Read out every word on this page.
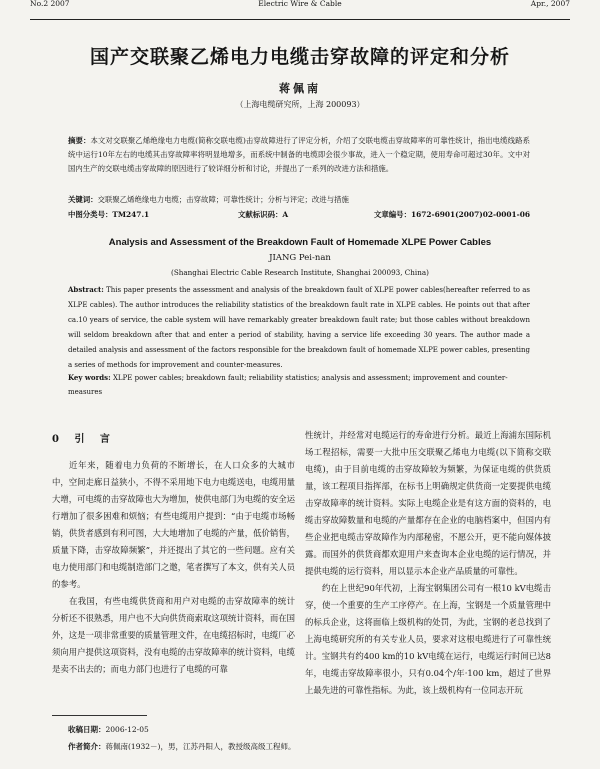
No.2 2007	Electric Wire & Cable	Apr., 2007
国产交联聚乙烯电力电缆击穿故障的评定和分析
蒋佩南
（上海电缆研究所，上海 200093）
摘要：本文对交联聚乙烯绝缘电力电缆(简称交联电缆)击穿故障进行了评定分析，介绍了交联电缆击穿故障率的可靠性统计，指出电缆线路系统中运行10年左右的电缆其击穿故障率将明显地增多，而系统中制备的电缆即会很少事故，进入一个稳定期，使用寿命可超过30年。文中对国内生产的交联电缆击穿故障的原因进行了较详细分析和讨论，并提出了一系列的改进方法和措施。
关键词：交联聚乙烯绝缘电力电缆；击穿故障；可靠性统计；分析与评定；改进与措施
中图分类号：TM247.1	文献标识码：A	文章编号：1672-6901(2007)02-0001-06
Analysis and Assessment of the Breakdown Fault of Homemade XLPE Power Cables
JIANG Pei-nan
(Shanghai Electric Cable Research Institute, Shanghai 200093, China)
Abstract: This paper presents the assessment and analysis of the breakdown fault of XLPE power cables(hereafter referred to as XLPE cables). The author introduces the reliability statistics of the breakdown fault rate in XLPE cables. He points out that after ca.10 years of service, the cable system will have remarkably greater breakdown fault rate; but those cables without breakdown will seldom breakdown after that and enter a period of stability, having a service life exceeding 30 years. The author made a detailed analysis and assessment of the factors responsible for the breakdown fault of homemade XLPE power cables, presenting a series of methods for improvement and counter-measures.
Key words: XLPE power cables; breakdown fault; reliability statistics; analysis and assessment; improvement and counter-measures
0 引 言

近年来，随着电力负荷的不断增长，在人口众多的大城市中，空间走廊日益狭小，不得不采用地下电力电缆送电，电缆用量大增，可电缆的击穿故障也大为增加，使供电部门为电缆的安全运行增加了很多困难和烦恼；有些电缆用户提到：“由于电缆市场畅销，供货者感到有利可图，大大地增加了电缆的产量，低价销售，质量下降，击穿故障频繁”，并还提出了其它的一些问题。应有关电力使用部门和电缆制造部门之邀，笔者撰写了本文，供有关人员的参考。

在我国，有些电缆供货商和用户对电缆的击穿故障率的统计分析还不很熟悉，用户也不大向供货商索取这项统计资料，而在国外，这是一项非常重要的质量管理文件，在电缆招标时，电缆厂必须向用户提供这项资料，没有电缆的击穿故障率的统计资料，电缆是卖不出去的；而电力部门也进行了电缆的可靠

性统计，并经常对电缆运行的寿命进行分析。最近上海浦东国际机场工程招标，需要一大批中压交联聚乙烯电力电缆(以下简称交联电缆)，由于目前电缆的击穿故障较为频繁，为保证电缆的供货质量，该工程项目指挥部，在标书上明确规定供货商一定要提供电缆击穿故障率的统计资料。实际上电缆企业是有这方面的资料的，电缆击穿故障数量和电缆的产量都存在企业的电脑档案中，但国内有些企业把电缆击穿故障作为内部秘密，不愿公开，更不能向媒体披露。而国外的供货商都欢迎用户来查询本企业电缆的运行情况，并提供电缆的运行资料，用以显示本企业产品质量的可靠性。

约在上世纪90年代初，上海宝钢集团公司有一根10 kV电缆击穿，使一个重要的生产工序停产。在上海，宝钢是一个质量管理中的标兵企业，这将面临上级机构的处罚，为此，宝钢的老总找到了上海电缆研究所的有关专业人员，要求对这根电缆进行了可靠性统计。宝钢共有约400 km的10 kV电缆在运行，电缆运行时间已达8年，电缆击穿故障率很小，只有0.04个/年·100 km，超过了世界上最先进的可靠性指标。为此，该上级机构有一位同志开玩

收稿日期：2006-12-05
作者简介：蒋佩南(1932－)，男，江苏丹阳人，教授级高级工程师。
